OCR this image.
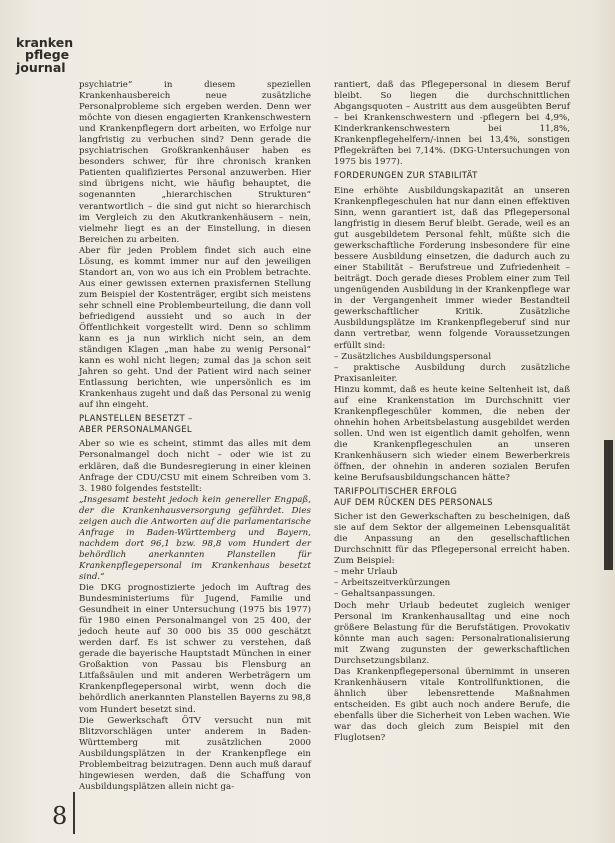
kranken
pflege
journal

psychiatrie“ in diesem speziellen Krankenhausbereich neue zusätzliche Personalprobleme sich ergeben werden. Denn wer möchte von diesen engagierten Krankenschwestern und Krankenpflegern dort arbeiten, wo Erfolge nur langfristig zu verbuchen sind? Denn gerade die psychiatrischen Großkrankenhäuser haben es besonders schwer, für ihre chronisch kranken Patienten qualifiziertes Personal anzuwerben. Hier sind übrigens nicht, wie häufig behauptet, die sogenannten „hierarchischen Strukturen“ verantwortlich – die sind gut nicht so hierarchisch im Vergleich zu den Akutkrankenhäusern – nein, vielmehr liegt es an der Einstellung, in diesen Bereichen zu arbeiten.

Aber für jeden Problem findet sich auch eine Lösung, es kommt immer nur auf den jeweiligen Standort an, von wo aus ich ein Problem betrachte. Aus einer gewissen externen praxisfernen Stellung zum Beispiel der Kostenträger, ergibt sich meistens sehr schnell eine Problembeurteilung, die dann voll befriedigend aussieht und so auch in der Öffentlichkeit vorgestellt wird. Denn so schlimm kann es ja nun wirklich nicht sein, an dem ständigen Klagen „man habe zu wenig Personal“ kann es wohl nicht liegen; zumal das ja schon seit Jahren so geht. Und der Patient wird nach seiner Entlassung berichten, wie unpersönlich es im Krankenhaus zugeht und daß das Personal zu wenig auf ihn eingeht.

PLANSTELLEN BESETZT –
ABER PERSONALMANGEL

Aber so wie es scheint, stimmt das alles mit dem Personalmangel doch nicht – oder wie ist zu erklären, daß die Bundesregierung in einer kleinen Anfrage der CDU/CSU mit einem Schreiben vom 3. 3. 1980 folgendes feststellt:

„Insgesamt besteht jedoch kein genereller Engpaß, der die Krankenhausversorgung gefährdet. Dies zeigen auch die Antworten auf die parlamentarische Anfrage in Baden-Württemberg und Bayern, nachdem dort 96,1 bzw. 98,8 vom Hundert der behördlich anerkannten Planstellen für Krankenpflegepersonal im Krankenhaus besetzt sind.“

Die DKG prognostizierte jedoch im Auftrag des Bundesministeriums für Jugend, Familie und Gesundheit in einer Untersuchung (1975 bis 1977) für 1980 einen Personalmangel von 25 400, der jedoch heute auf 30 000 bis 35 000 geschätzt werden darf. Es ist schwer zu verstehen, daß gerade die bayerische Hauptstadt München in einer Großaktion von Passau bis Flensburg an Litfaßsäulen und mit anderen Werbeträgern um Krankenpflegepersonal wirbt, wenn doch die behördlich anerkannten Planstellen Bayerns zu 98,8 vom Hundert besetzt sind.

Die Gewerkschaft ÖTV versucht nun mit Blitzvorschlägen unter anderem in Baden-Württemberg mit zusätzlichen 2000 Ausbildungsplätzen in der Krankenpflege ein Problembeitrag beizutragen. Denn auch muß darauf hingewiesen werden, daß die Schaffung von Ausbildungsplätzen allein nicht ga-

rantiert, daß das Pflegepersonal in diesem Beruf bleibt. So liegen die durchschnittlichen Abgangsquoten – Austritt aus dem ausgeübten Beruf – bei Krankenschwestern und -pflegern bei 4,9%, Kinderkrankenschwestern bei 11,8%, Krankenpflegehelfern/-innen bei 13,4%, sonstigen Pflegekräften bei 7,14%. (DKG-Untersuchungen von 1975 bis 1977).

FORDERUNGEN ZUR STABILITÄT

Eine erhöhte Ausbildungskapazität an unseren Krankenpflegeschulen hat nur dann einen effektiven Sinn, wenn garantiert ist, daß das Pflegepersonal langfristig in diesem Beruf bleibt. Gerade, weil es an gut ausgebildetem Personal fehlt, müßte sich die gewerkschaftliche Forderung insbesondere für eine bessere Ausbildung einsetzen, die dadurch auch zu einer Stabilität – Berufstreue und Zufriedenheit – beiträgt. Doch gerade dieses Problem einer zum Teil ungenügenden Ausbildung in der Krankenpflege war in der Vergangenheit immer wieder Bestandteil gewerkschaftlicher Kritik. Zusätzliche Ausbildungsplätze im Krankenpflegeberuf sind nur dann vertretbar, wenn folgende Voraussetzungen erfüllt sind:

– Zusätzliches Ausbildungspersonal

– praktische Ausbildung durch zusätzliche Praxisanleiter.

Hinzu kommt, daß es heute keine Seltenheit ist, daß auf eine Krankenstation im Durchschnitt vier Krankenpflegeschüler kommen, die neben der ohnehin hohen Arbeitsbelastung ausgebildet werden sollen. Und wen ist eigentlich damit geholfen, wenn die Krankenpflegeschulen an unseren Krankenhäusern sich wieder einem Bewerberkreis öffnen, der ohnehin in anderen sozialen Berufen keine Berufsausbildungschancen hätte?

TARIFPOLITISCHER ERFOLG
AUF DEM RÜCKEN DES PERSONALS

Sicher ist den Gewerkschaften zu bescheinigen, daß sie auf dem Sektor der allgemeinen Lebensqualität die Anpassung an den gesellschaftlichen Durchschnitt für das Pflegepersonal erreicht haben. Zum Beispiel:

– mehr Urlaub

– Arbeitszeitverkürzungen

– Gehaltsanpassungen.

Doch mehr Urlaub bedeutet zugleich weniger Personal im Krankenhausalltag und eine noch größere Belastung für die Berufstätigen. Provokativ könnte man auch sagen: Personalrationalisierung mit Zwang zugunsten der gewerkschaftlichen Durchsetzungsbilanz.

Das Krankenpflegepersonal übernimmt in unseren Krankenhäusern vitale Kontrollfunktionen, die ähnlich über lebensrettende Maßnahmen entscheiden. Es gibt auch noch andere Berufe, die ebenfalls über die Sicherheit von Leben wachen. Wie war das doch gleich zum Beispiel mit den Fluglotsen?

8
